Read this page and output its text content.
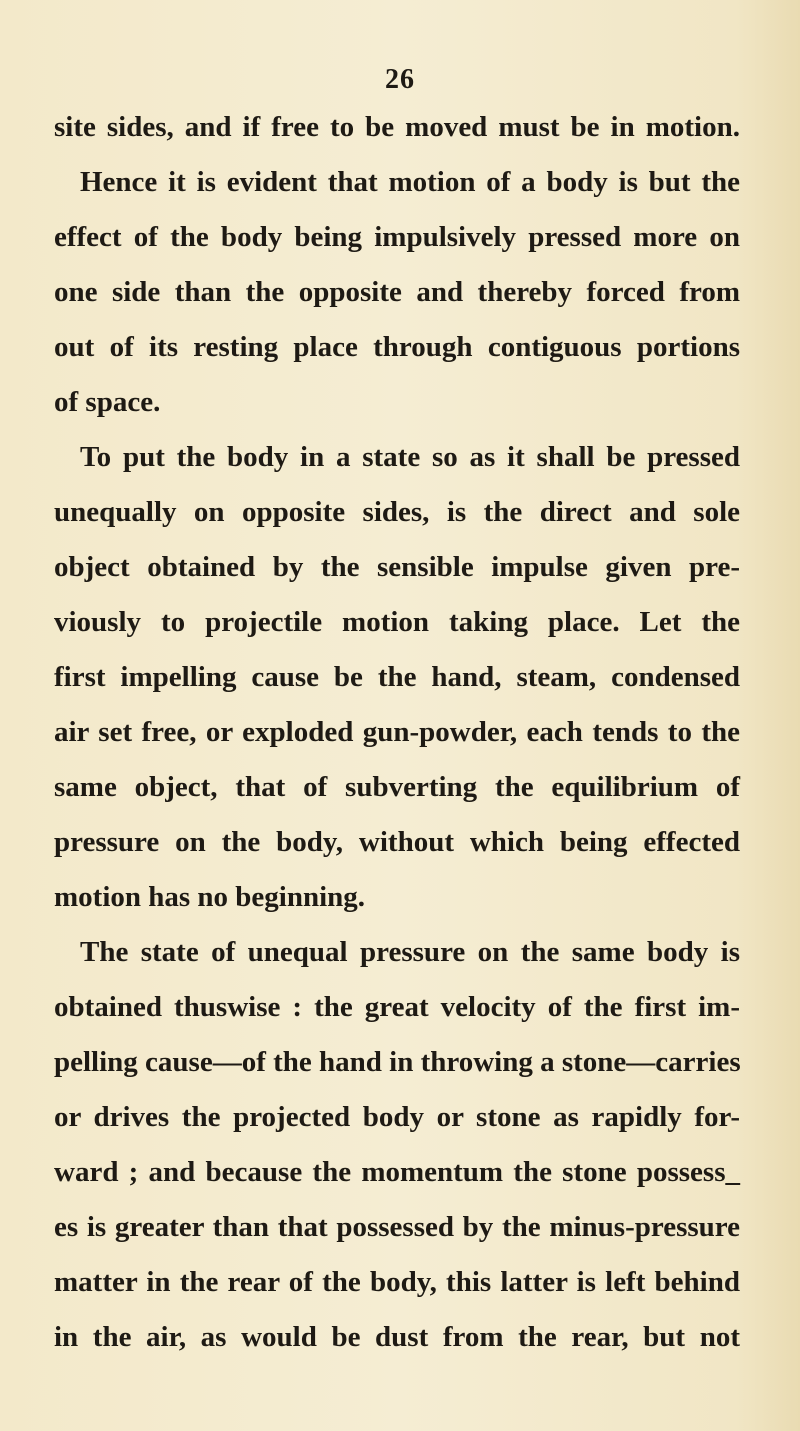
26
site sides, and if free to be moved must be in motion.
Hence it is evident that motion of a body is but the
effect of the body being impulsively pressed more on
one side than the opposite and thereby forced from
out of its resting place through contiguous portions
of space.
To put the body in a state so as it shall be pressed
unequally on opposite sides, is the direct and sole
object obtained by the sensible impulse given pre-
viously to projectile motion taking place. Let the
first impelling cause be the hand, steam, condensed
air set free, or exploded gun-powder, each tends to the
same object, that of subverting the equilibrium of
pressure on the body, without which being effected
motion has no beginning.
The state of unequal pressure on the same body is
obtained thuswise : the great velocity of the first im-
pelling cause—of the hand in throwing a stone—carries
or drives the projected body or stone as rapidly for-
ward ; and because the momentum the stone possess_
es is greater than that possessed by the minus-pressure
matter in the rear of the body, this latter is left behind
in the air, as would be dust from the rear, but not
